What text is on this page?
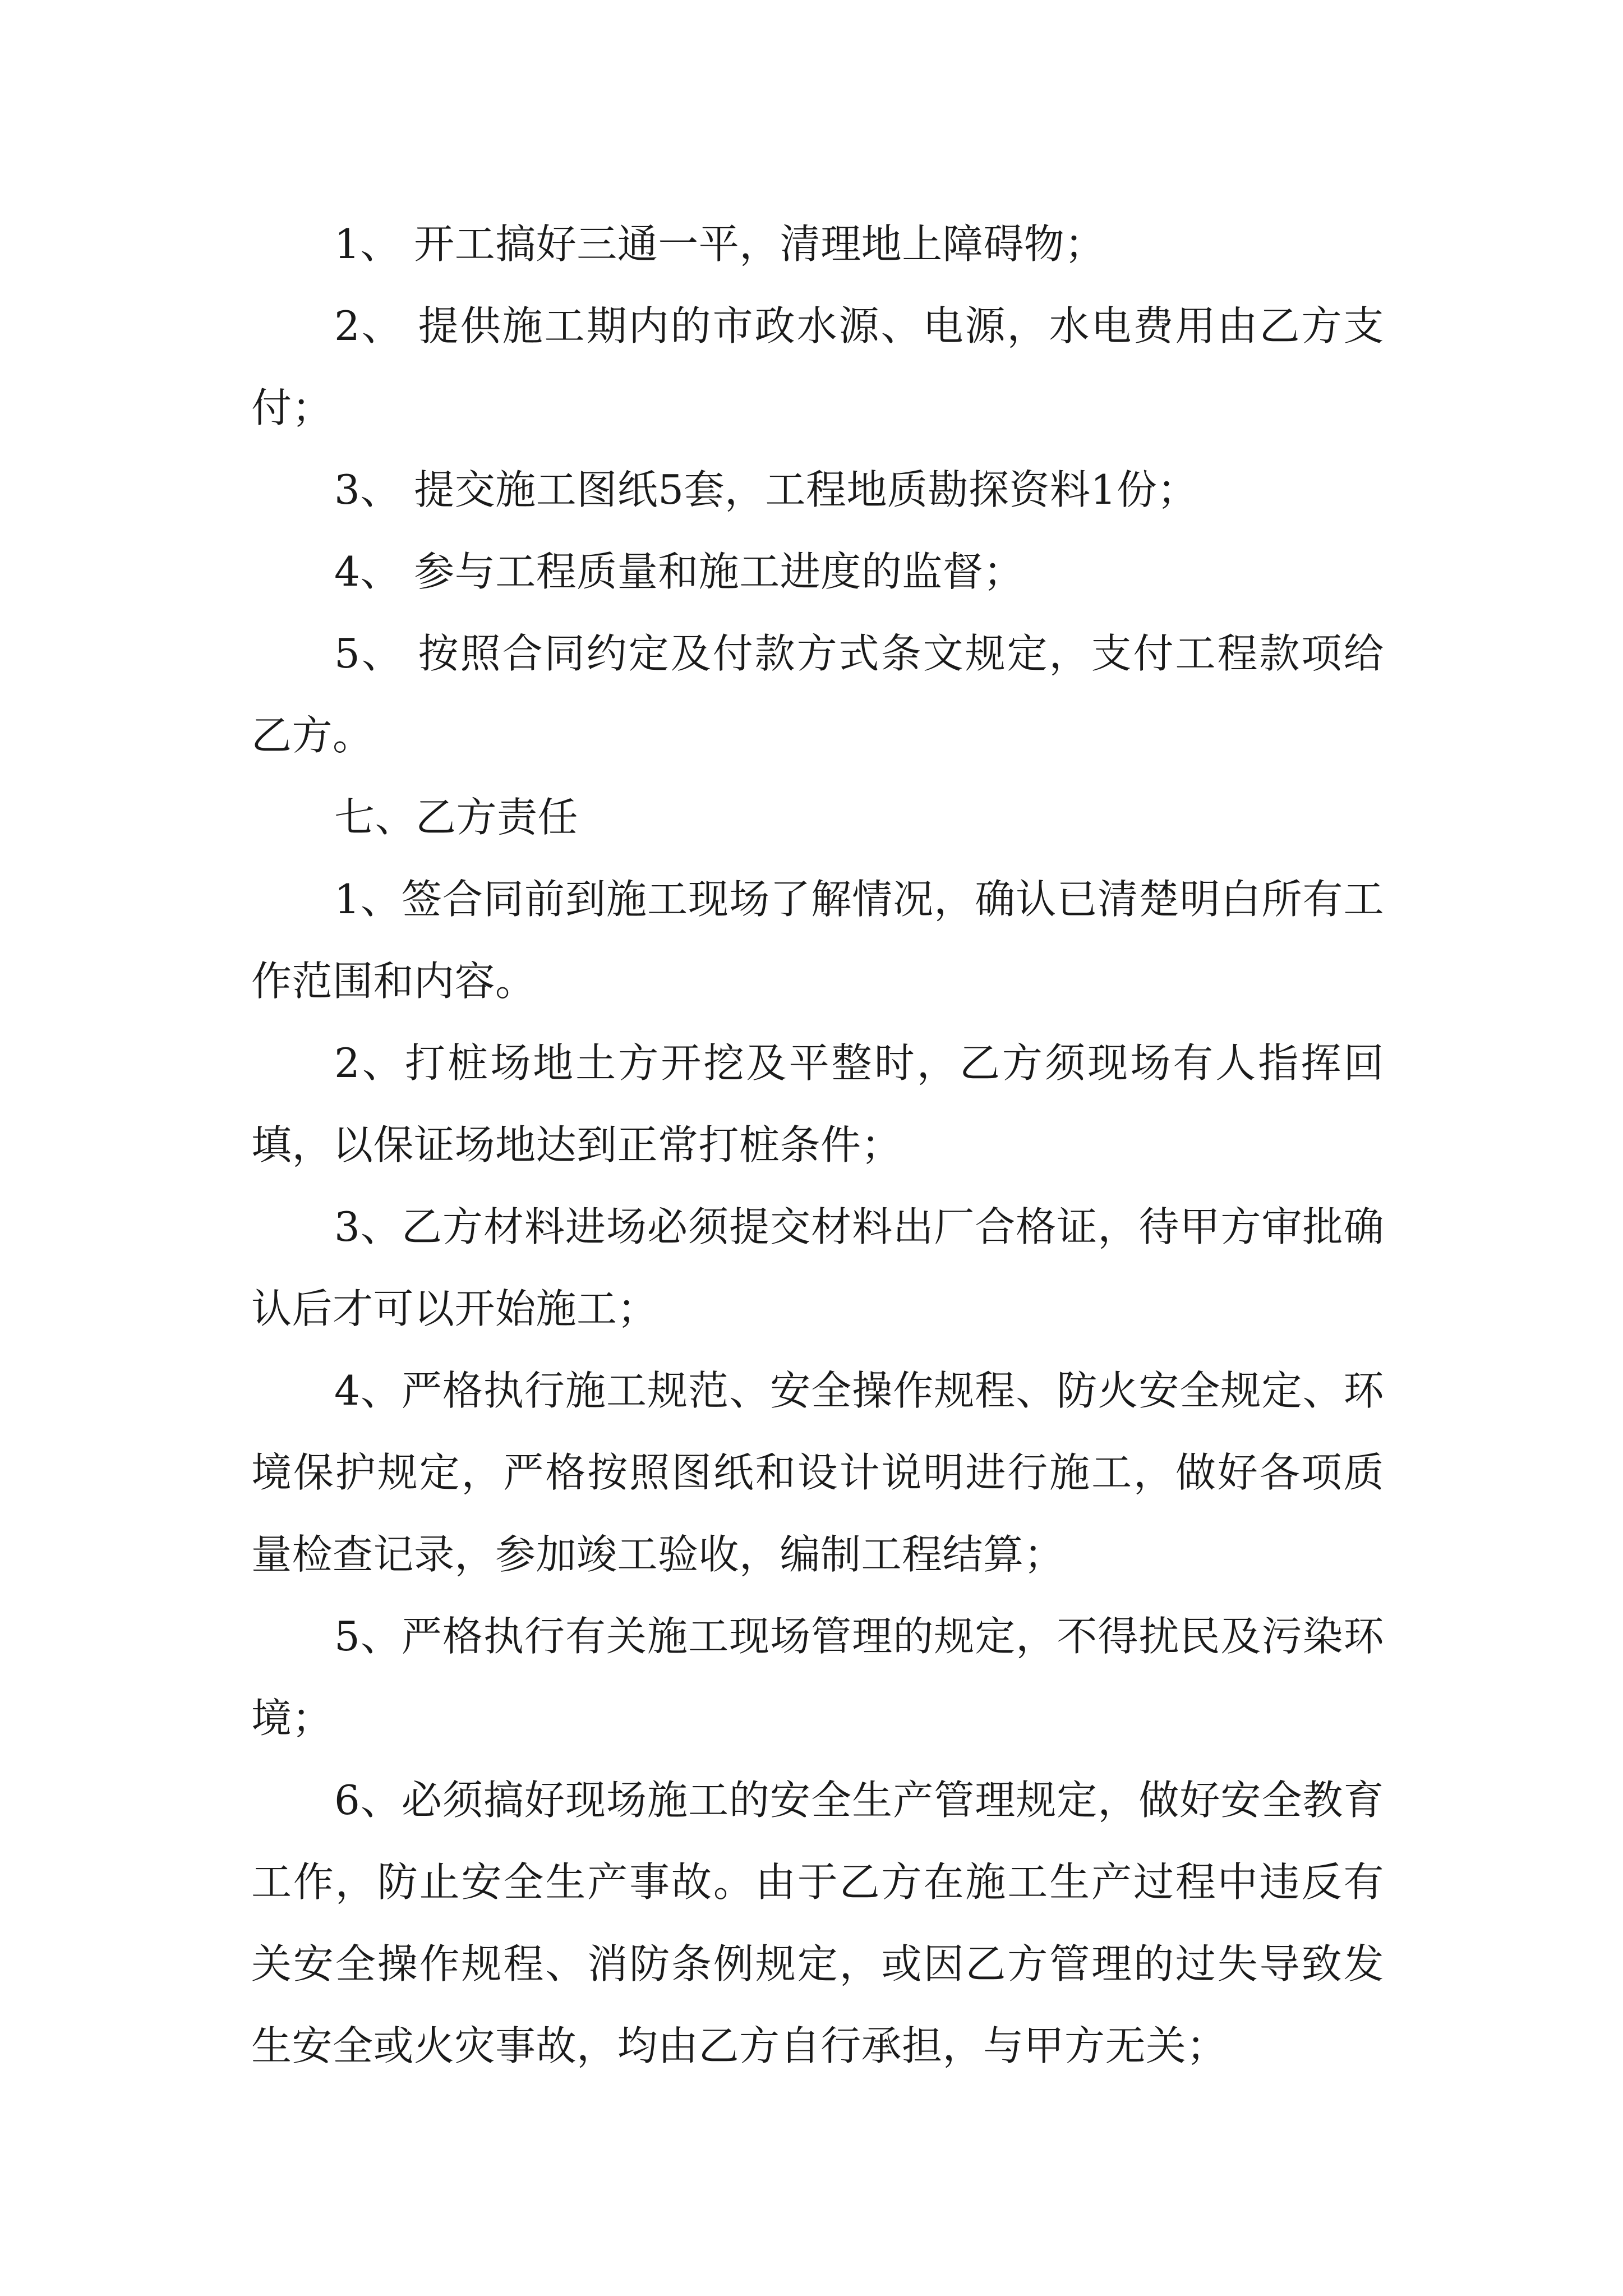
1、 开工搞好三通一平，清理地上障碍物；

2、 提供施工期内的市政水源、电源，水电费用由乙方支付；

3、 提交施工图纸5套，工程地质勘探资料1份；

4、 参与工程质量和施工进度的监督；

5、 按照合同约定及付款方式条文规定，支付工程款项给乙方。

七、乙方责任

1、签合同前到施工现场了解情况，确认已清楚明白所有工作范围和内容。

2、打桩场地土方开挖及平整时，乙方须现场有人指挥回填，以保证场地达到正常打桩条件；

3、乙方材料进场必须提交材料出厂合格证，待甲方审批确认后才可以开始施工；

4、严格执行施工规范、安全操作规程、防火安全规定、环境保护规定，严格按照图纸和设计说明进行施工，做好各项质量检查记录，参加竣工验收，编制工程结算；

5、严格执行有关施工现场管理的规定，不得扰民及污染环境；

6、必须搞好现场施工的安全生产管理规定，做好安全教育工作，防止安全生产事故。由于乙方在施工生产过程中违反有关安全操作规程、消防条例规定，或因乙方管理的过失导致发生安全或火灾事故，均由乙方自行承担，与甲方无关；
